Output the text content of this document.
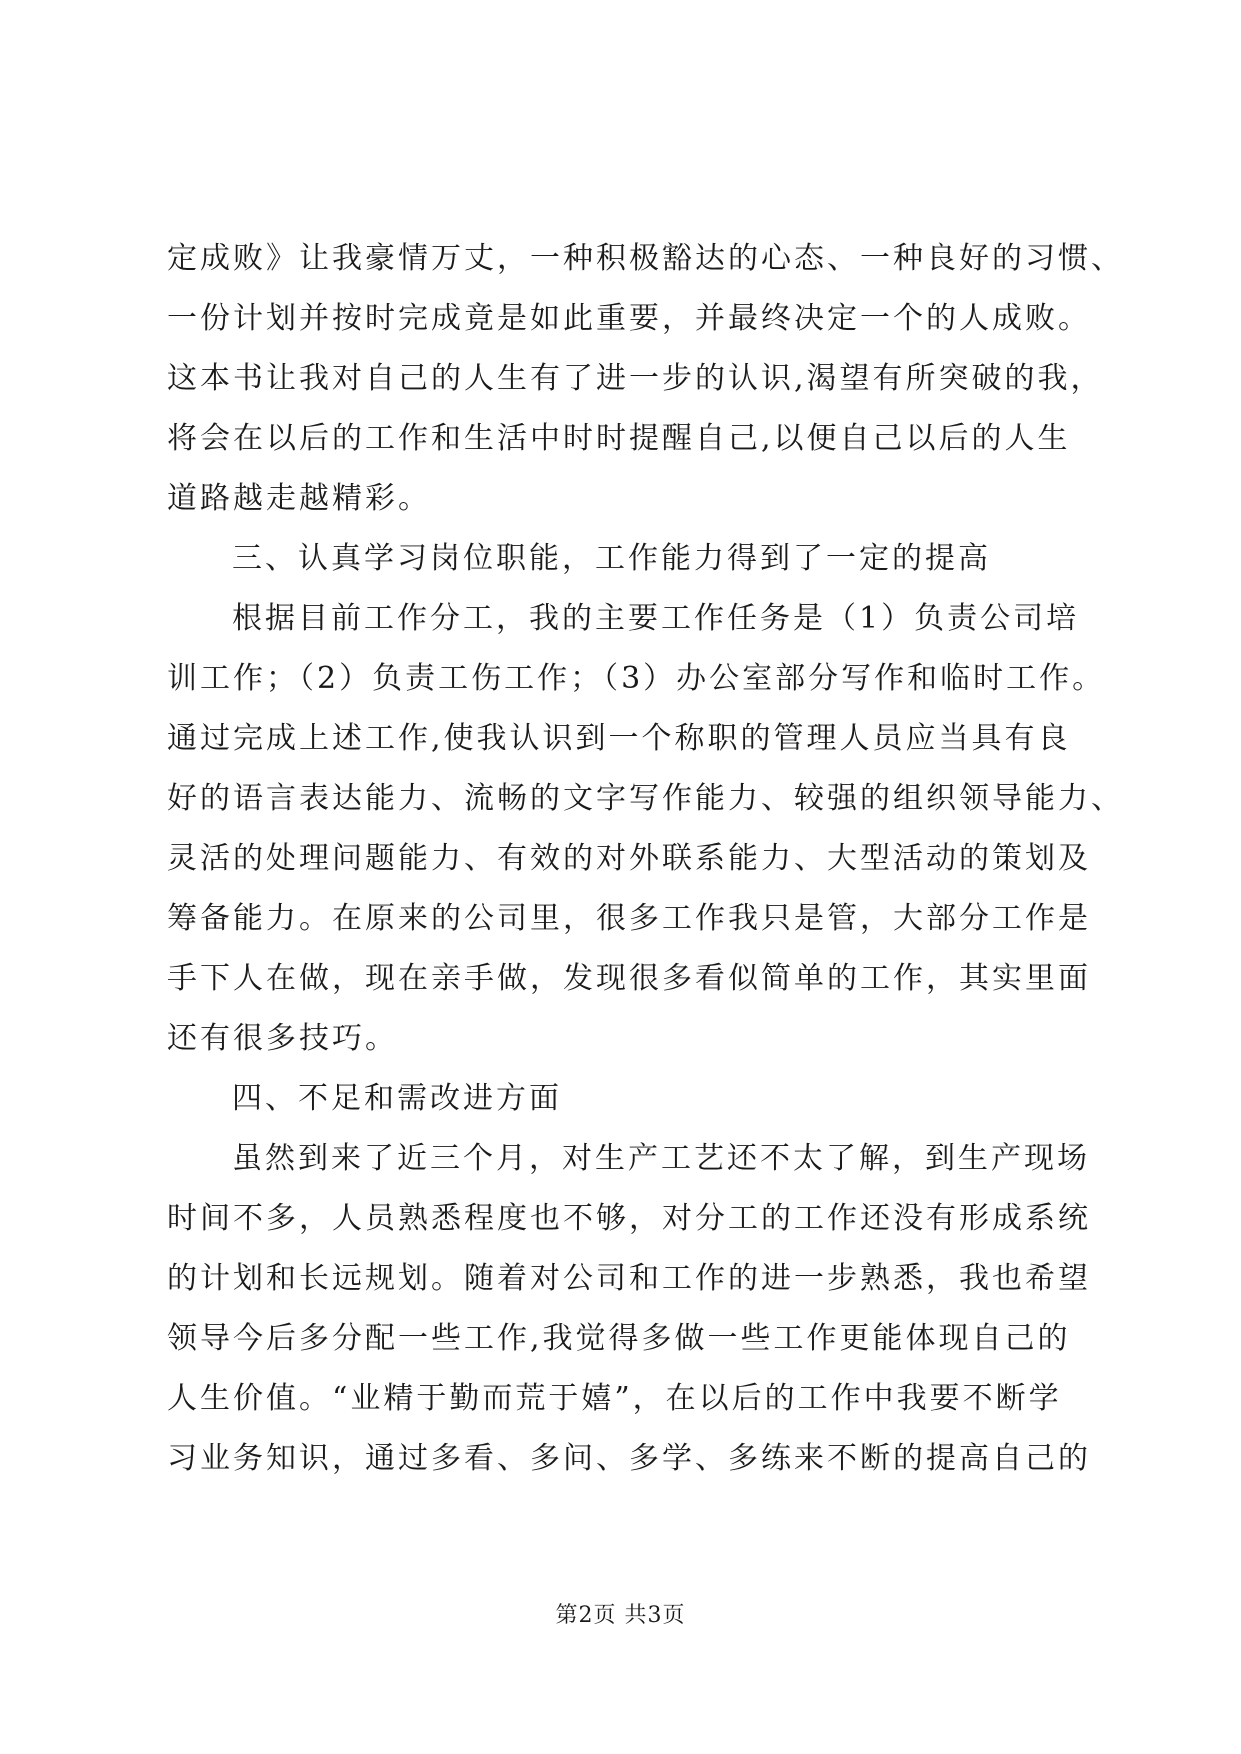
定成败》让我豪情万丈，一种积极豁达的心态、一种良好的习惯、
一份计划并按时完成竟是如此重要，并最终决定一个的人成败。
这本书让我对自己的人生有了进一步的认识,渴望有所突破的我，
将会在以后的工作和生活中时时提醒自己,以便自己以后的人生
道路越走越精彩。
三、认真学习岗位职能，工作能力得到了一定的提高
根据目前工作分工，我的主要工作任务是（1）负责公司培
训工作；（2）负责工伤工作；（3）办公室部分写作和临时工作。
通过完成上述工作,使我认识到一个称职的管理人员应当具有良
好的语言表达能力、流畅的文字写作能力、较强的组织领导能力、
灵活的处理问题能力、有效的对外联系能力、大型活动的策划及
筹备能力。在原来的公司里，很多工作我只是管，大部分工作是
手下人在做，现在亲手做，发现很多看似简单的工作，其实里面
还有很多技巧。
四、不足和需改进方面
虽然到来了近三个月，对生产工艺还不太了解，到生产现场
时间不多，人员熟悉程度也不够，对分工的工作还没有形成系统
的计划和长远规划。随着对公司和工作的进一步熟悉，我也希望
领导今后多分配一些工作,我觉得多做一些工作更能体现自己的
人生价值。“业精于勤而荒于嬉”，在以后的工作中我要不断学
习业务知识，通过多看、多问、多学、多练来不断的提高自己的
第2页 共3页
